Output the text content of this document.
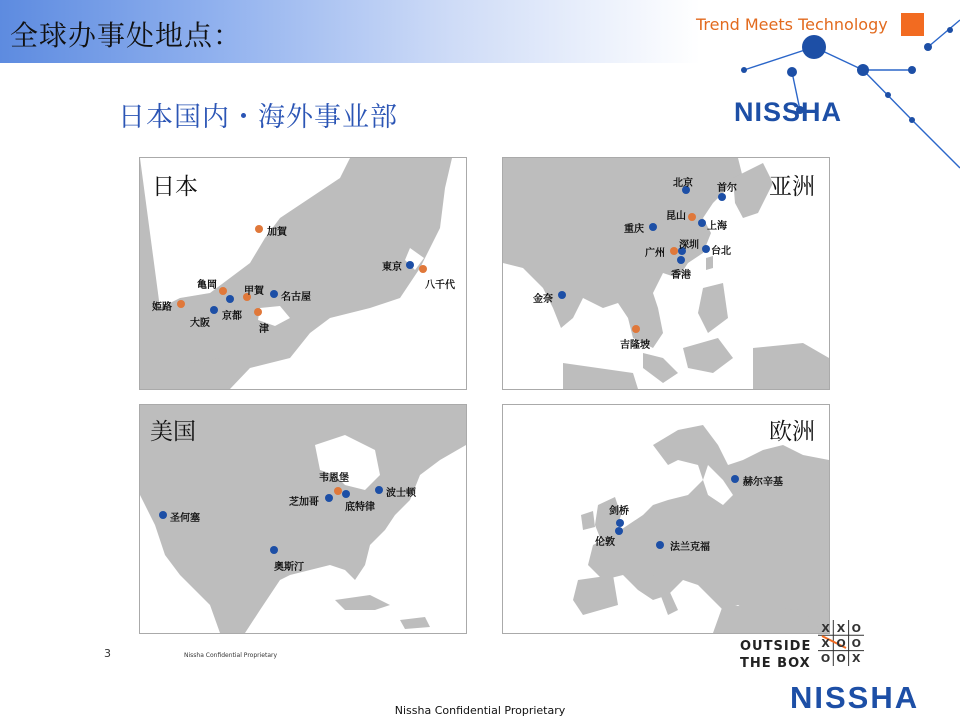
全球办事处地点：	Trend Meets Technology
日本国内・海外事业部	NISSHA
日本
加賀
東京
八千代
亀岡
甲賀
名古屋
姫路
京都
大阪
津
亚洲
北京 首尔
昆山
上海
重庆
深圳
广州	台北
香港
金奈
吉隆坡
美国
韦恩堡
芝加哥	底特律
波士顿
圣何塞
奥斯汀
欧洲
赫尔辛基
剑桥
伦敦	法兰克福
3	Nissha Confidential Proprietary
OUTSIDE
THE BOX
X X O
X O O
O O X
NISSHA
Nissha Confidential Proprietary
